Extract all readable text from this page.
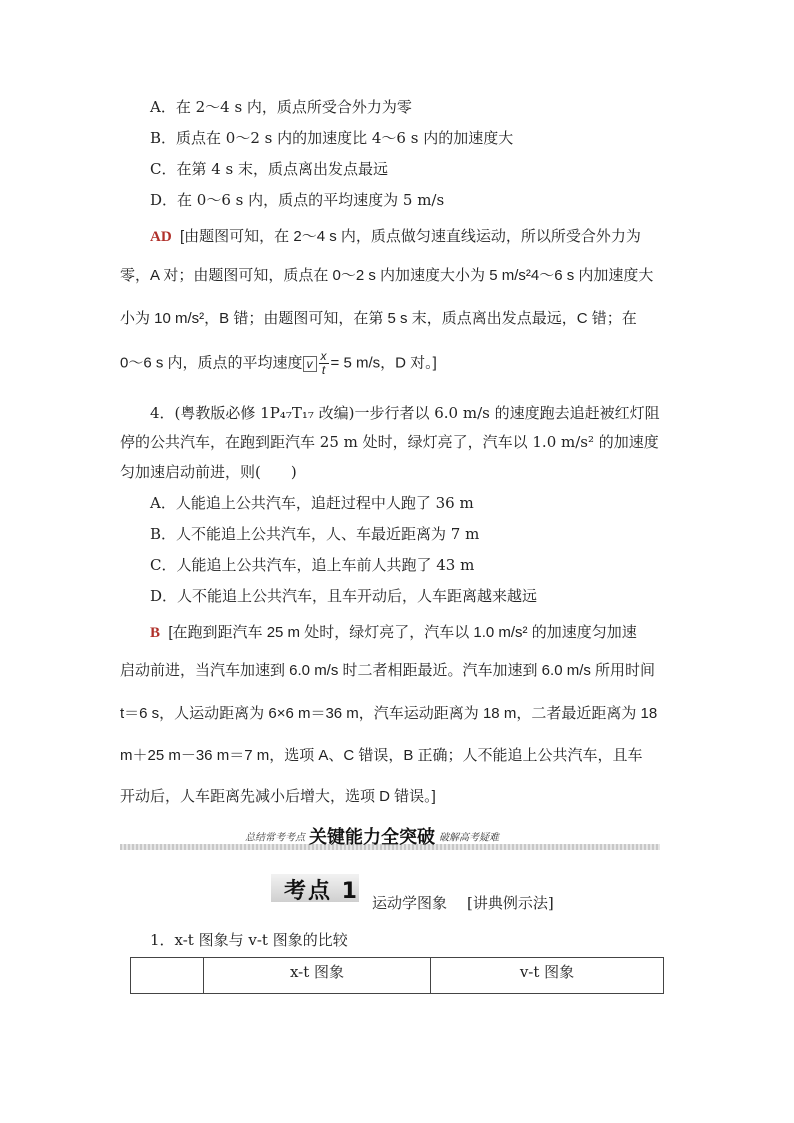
A．在 2～4 s 内，质点所受合外力为零
B．质点在 0～2 s 内的加速度比 4～6 s 内的加速度大
C．在第 4 s 末，质点离出发点最远
D．在 0～6 s 内，质点的平均速度为 5 m/s
AD [由题图可知，在 2～4 s 内，质点做匀速直线运动，所以所受合外力为
零，A 对；由题图可知，质点在 0～2 s 内加速度大小为 5 m/s²4～6 s 内加速度大
小为 10 m/s²，B 错；由题图可知，在第 5 s 末，质点离出发点最远，C 错；在
0～6 s 内，质点的平均速度 v $\frac{x}{t} = 5$ m/s，D 对。]
4．(粤教版必修 1P₄₇T₁₇ 改编)一步行者以 6.0 m/s 的速度跑去追赶被红灯阻
停的公共汽车，在跑到距汽车 25 m 处时，绿灯亮了，汽车以 1.0 m/s² 的加速度
匀加速启动前进，则(　　)
A．人能追上公共汽车，追赶过程中人跑了 36 m
B．人不能追上公共汽车，人、车最近距离为 7 m
C．人能追上公共汽车，追上车前人共跑了 43 m
D．人不能追上公共汽车，且车开动后，人车距离越来越远
B [在跑到距汽车 25 m 处时，绿灯亮了，汽车以 1.0 m/s² 的加速度匀加速
启动前进，当汽车加速到 6.0 m/s 时二者相距最近。汽车加速到 6.0 m/s 所用时间
t＝6 s，人运动距离为 6×6 m＝36 m，汽车运动距离为 18 m，二者最近距离为 18
m＋25 m－36 m＝7 m，选项 A、C 错误，B 正确；人不能追上公共汽车，且车
开动后，人车距离先减小后增大，选项 D 错误。]
总结常考考点 关键能力全突破 破解高考疑难
考点 1 运动学图象 [讲典例示法]
1．x-t 图象与 v-t 图象的比较
	x-t 图象	v-t 图象
